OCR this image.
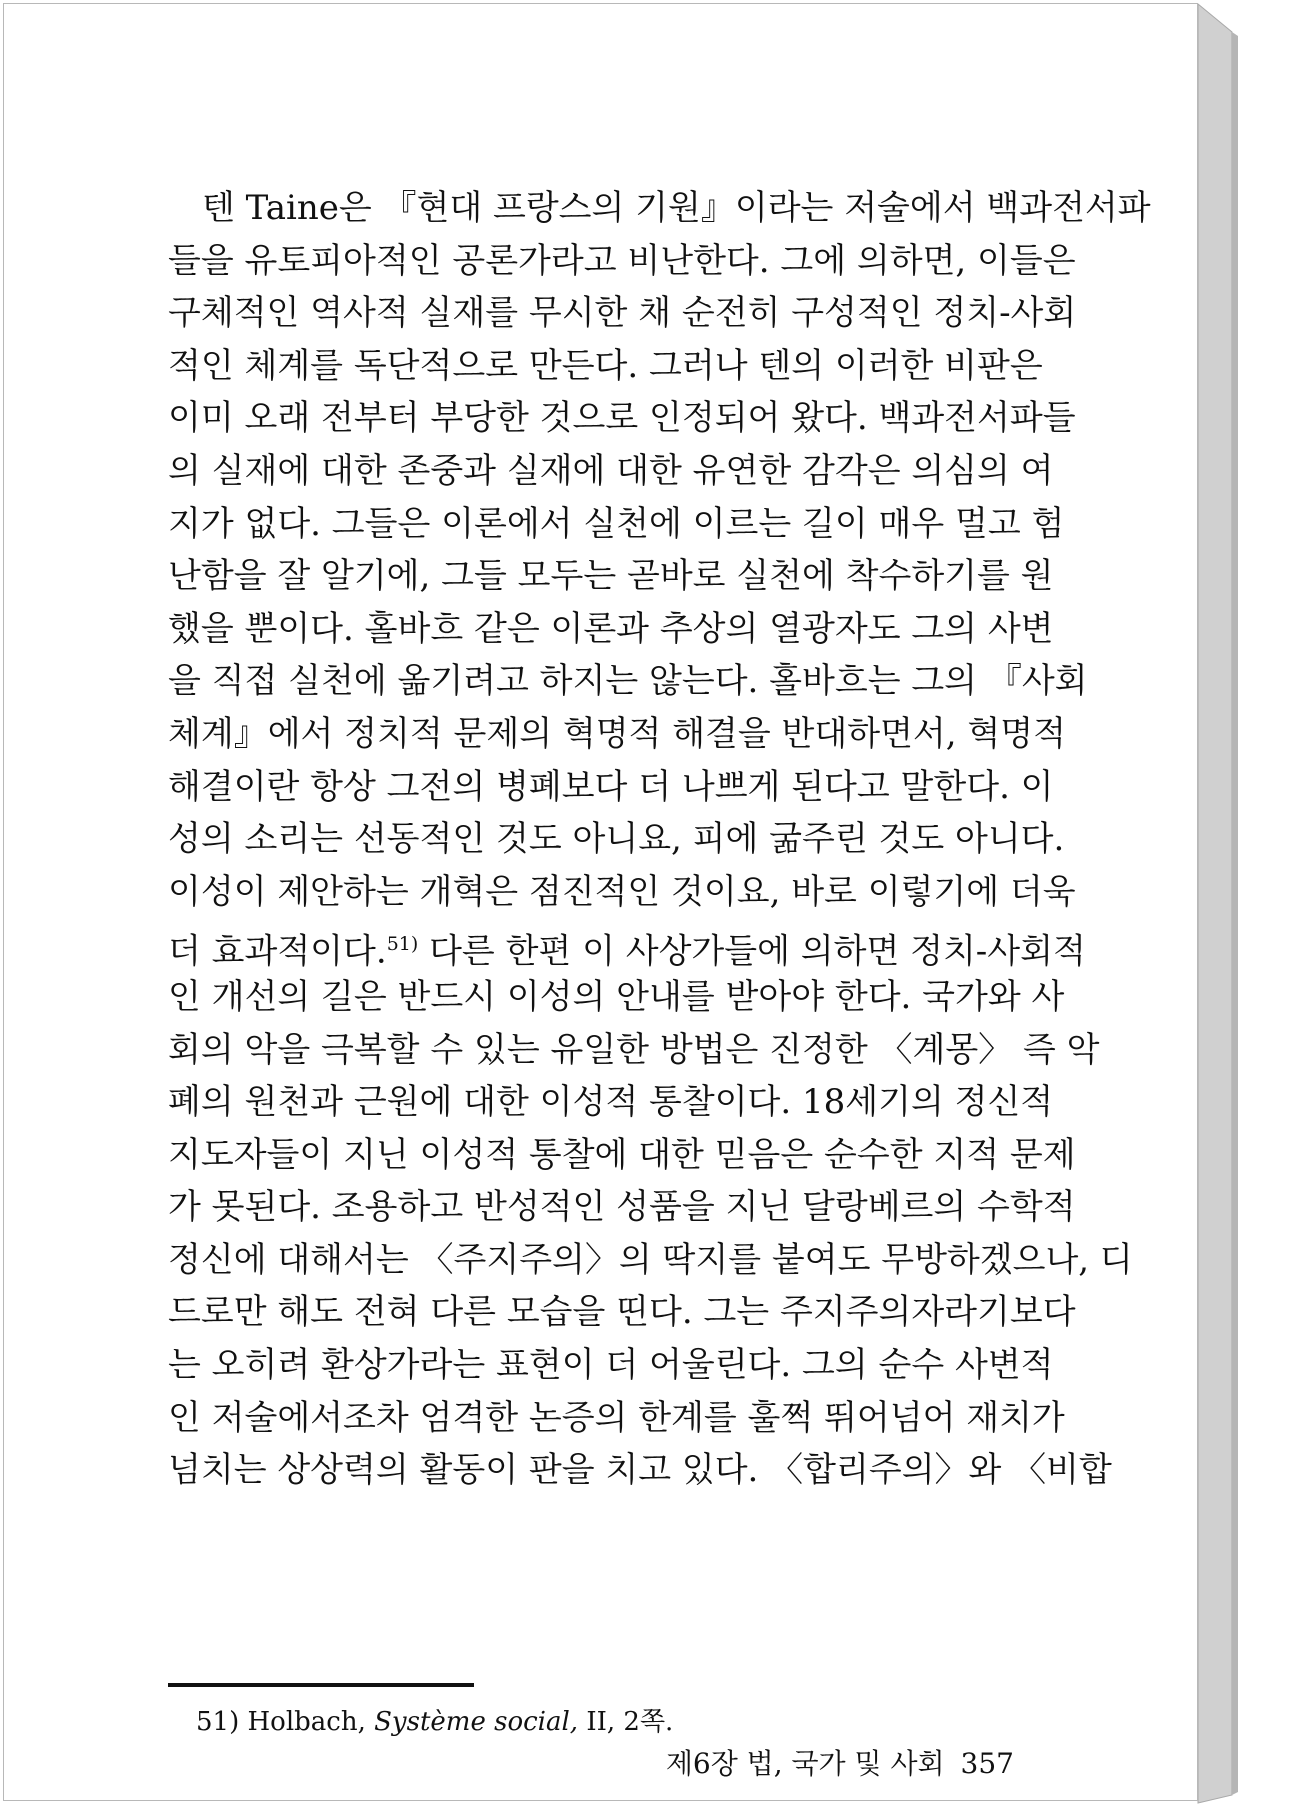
텐 Taine은 『현대 프랑스의 기원』이라는 저술에서 백과전서파
들을 유토피아적인 공론가라고 비난한다. 그에 의하면, 이들은
구체적인 역사적 실재를 무시한 채 순전히 구성적인 정치-사회
적인 체계를 독단적으로 만든다. 그러나 텐의 이러한 비판은
이미 오래 전부터 부당한 것으로 인정되어 왔다. 백과전서파들
의 실재에 대한 존중과 실재에 대한 유연한 감각은 의심의 여
지가 없다. 그들은 이론에서 실천에 이르는 길이 매우 멀고 험
난함을 잘 알기에, 그들 모두는 곧바로 실천에 착수하기를 원
했을 뿐이다. 홀바흐 같은 이론과 추상의 열광자도 그의 사변
을 직접 실천에 옮기려고 하지는 않는다. 홀바흐는 그의 『사회
체계』에서 정치적 문제의 혁명적 해결을 반대하면서, 혁명적
해결이란 항상 그전의 병폐보다 더 나쁘게 된다고 말한다. 이
성의 소리는 선동적인 것도 아니요, 피에 굶주린 것도 아니다.
이성이 제안하는 개혁은 점진적인 것이요, 바로 이렇기에 더욱
더 효과적이다.$^{51)}$ 다른 한편 이 사상가들에 의하면 정치-사회적
인 개선의 길은 반드시 이성의 안내를 받아야 한다. 국가와 사
회의 악을 극복할 수 있는 유일한 방법은 진정한 〈계몽〉 즉 악
폐의 원천과 근원에 대한 이성적 통찰이다. 18세기의 정신적
지도자들이 지닌 이성적 통찰에 대한 믿음은 순수한 지적 문제
가 못된다. 조용하고 반성적인 성품을 지닌 달랑베르의 수학적
정신에 대해서는 〈주지주의〉의 딱지를 붙여도 무방하겠으나, 디
드로만 해도 전혀 다른 모습을 띤다. 그는 주지주의자라기보다
는 오히려 환상가라는 표현이 더 어울린다. 그의 순수 사변적
인 저술에서조차 엄격한 논증의 한계를 훌쩍 뛰어넘어 재치가
넘치는 상상력의 활동이 판을 치고 있다. 〈합리주의〉와 〈비합
51) Holbach, Système social, II, 2쪽.
제6장 법, 국가 및 사회 357
